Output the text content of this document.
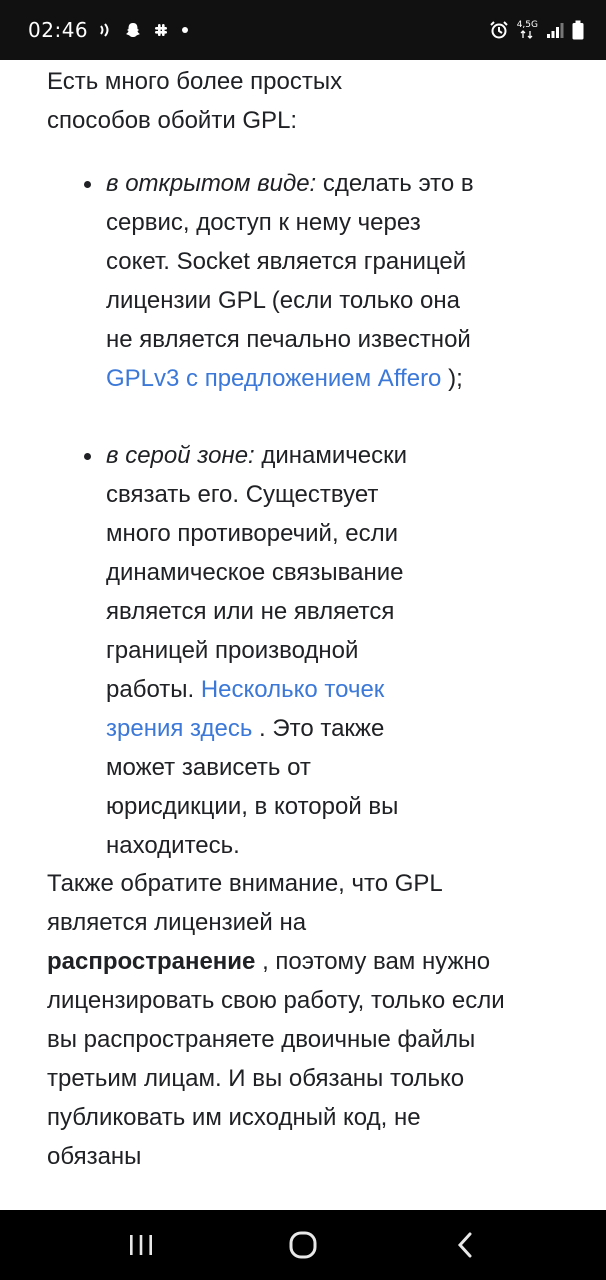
02:46	4,5G

Есть много более простых способов обойти GPL:

в открытом виде: сделать это в сервис, доступ к нему через сокет. Socket является границей лицензии GPL (если только она не является печально известной GPLv3 с предложением Affero );
в серой зоне: динамически связать его. Существует много противоречий, если динамическое связывание является или не является границей производной работы. Несколько точек зрения здесь . Это также может зависеть от юрисдикции, в которой вы находитесь.

Также обратите внимание, что GPL является лицензией на распространение , поэтому вам нужно лицензировать свою работу, только если вы распространяете двоичные файлы третьим лицам. И вы обязаны только публиковать им исходный код, не обязаны
